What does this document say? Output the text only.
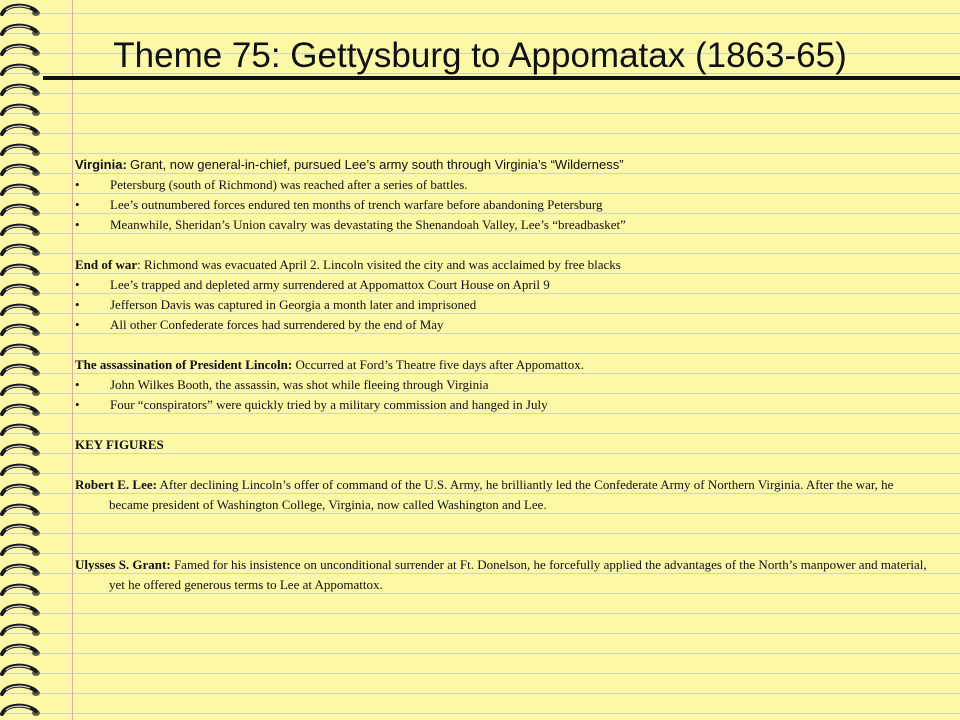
Theme 75: Gettysburg to Appomatax (1863-65)
Virginia: Grant, now general-in-chief, pursued Lee’s army south through Virginia’s “Wilderness”
• Petersburg (south of Richmond) was reached after a series of battles.
• Lee’s outnumbered forces endured ten months of trench warfare before abandoning Petersburg
• Meanwhile, Sheridan’s Union cavalry was devastating the Shenandoah Valley, Lee’s “breadbasket”
End of war: Richmond was evacuated April 2. Lincoln visited the city and was acclaimed by free blacks
• Lee’s trapped and depleted army surrendered at Appomattox Court House on April 9
• Jefferson Davis was captured in Georgia a month later and imprisoned
• All other Confederate forces had surrendered by the end of May
The assassination of President Lincoln: Occurred at Ford’s Theatre five days after Appomattox.
• John Wilkes Booth, the assassin, was shot while fleeing through Virginia
• Four “conspirators” were quickly tried by a military commission and hanged in July
KEY FIGURES
Robert E. Lee: After declining Lincoln’s offer of command of the U.S. Army, he brilliantly led the Confederate Army of Northern Virginia. After the war, he became president of Washington College, Virginia, now called Washington and Lee.
Ulysses S. Grant: Famed for his insistence on unconditional surrender at Ft. Donelson, he forcefully applied the advantages of the North’s manpower and material, yet he offered generous terms to Lee at Appomattox.
